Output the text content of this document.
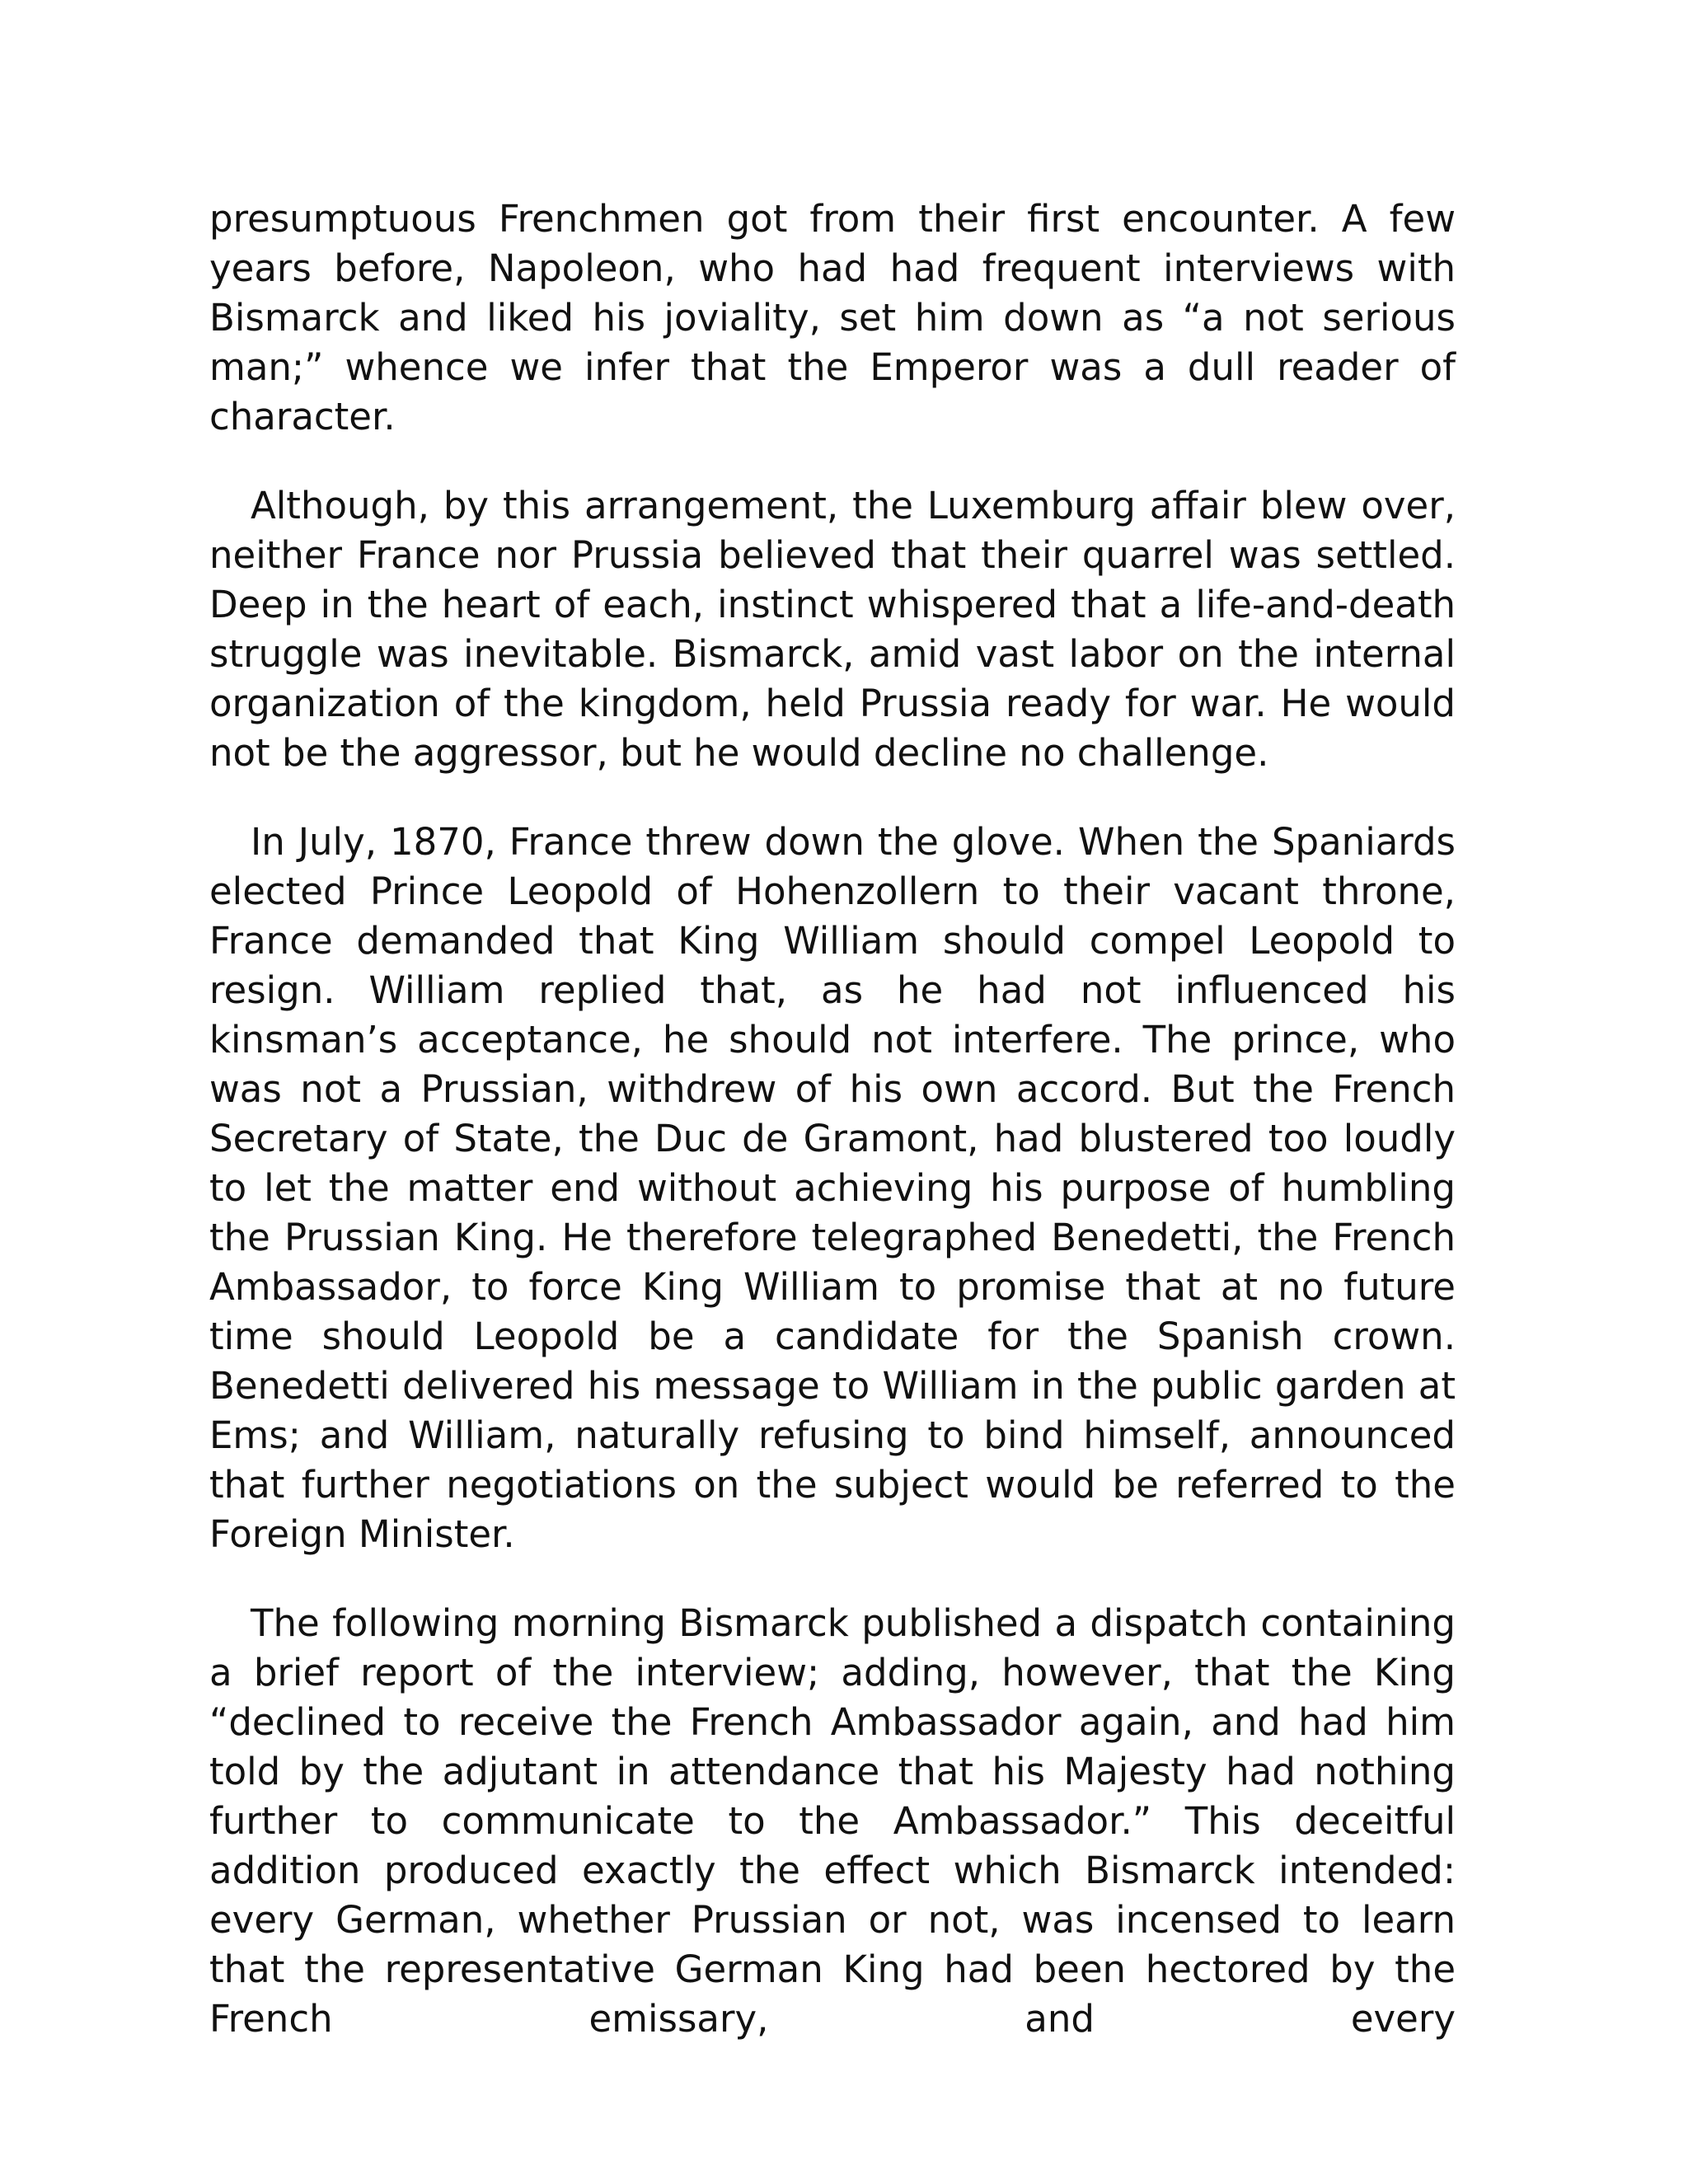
presumptuous Frenchmen got from their first encounter. A few years before, Napoleon, who had had frequent interviews with Bismarck and liked his joviality, set him down as “a not serious man;” whence we infer that the Emperor was a dull reader of character.

Although, by this arrangement, the Luxemburg affair blew over, neither France nor Prussia believed that their quarrel was settled. Deep in the heart of each, instinct whispered that a life-and-death struggle was inevitable. Bismarck, amid vast labor on the internal organization of the kingdom, held Prussia ready for war. He would not be the aggressor, but he would decline no challenge.

In July, 1870, France threw down the glove. When the Spaniards elected Prince Leopold of Hohenzollern to their vacant throne, France demanded that King William should compel Leopold to resign. William replied that, as he had not influenced his kinsman’s acceptance, he should not interfere. The prince, who was not a Prussian, withdrew of his own accord. But the French Secretary of State, the Duc de Gramont, had blustered too loudly to let the matter end without achieving his purpose of humbling the Prussian King. He therefore telegraphed Benedetti, the French Ambassador, to force King William to promise that at no future time should Leopold be a candidate for the Spanish crown. Benedetti delivered his message to William in the public garden at Ems; and William, naturally refusing to bind himself, announced that further negotiations on the subject would be referred to the Foreign Minister.

The following morning Bismarck published a dispatch containing a brief report of the interview; adding, however, that the King “declined to receive the French Ambassador again, and had him told by the adjutant in attendance that his Majesty had nothing further to communicate to the Ambassador.” This deceitful addition produced exactly the effect which Bismarck intended: every German, whether Prussian or not, was incensed to learn that the representative German King had been hectored by the French emissary, and every
